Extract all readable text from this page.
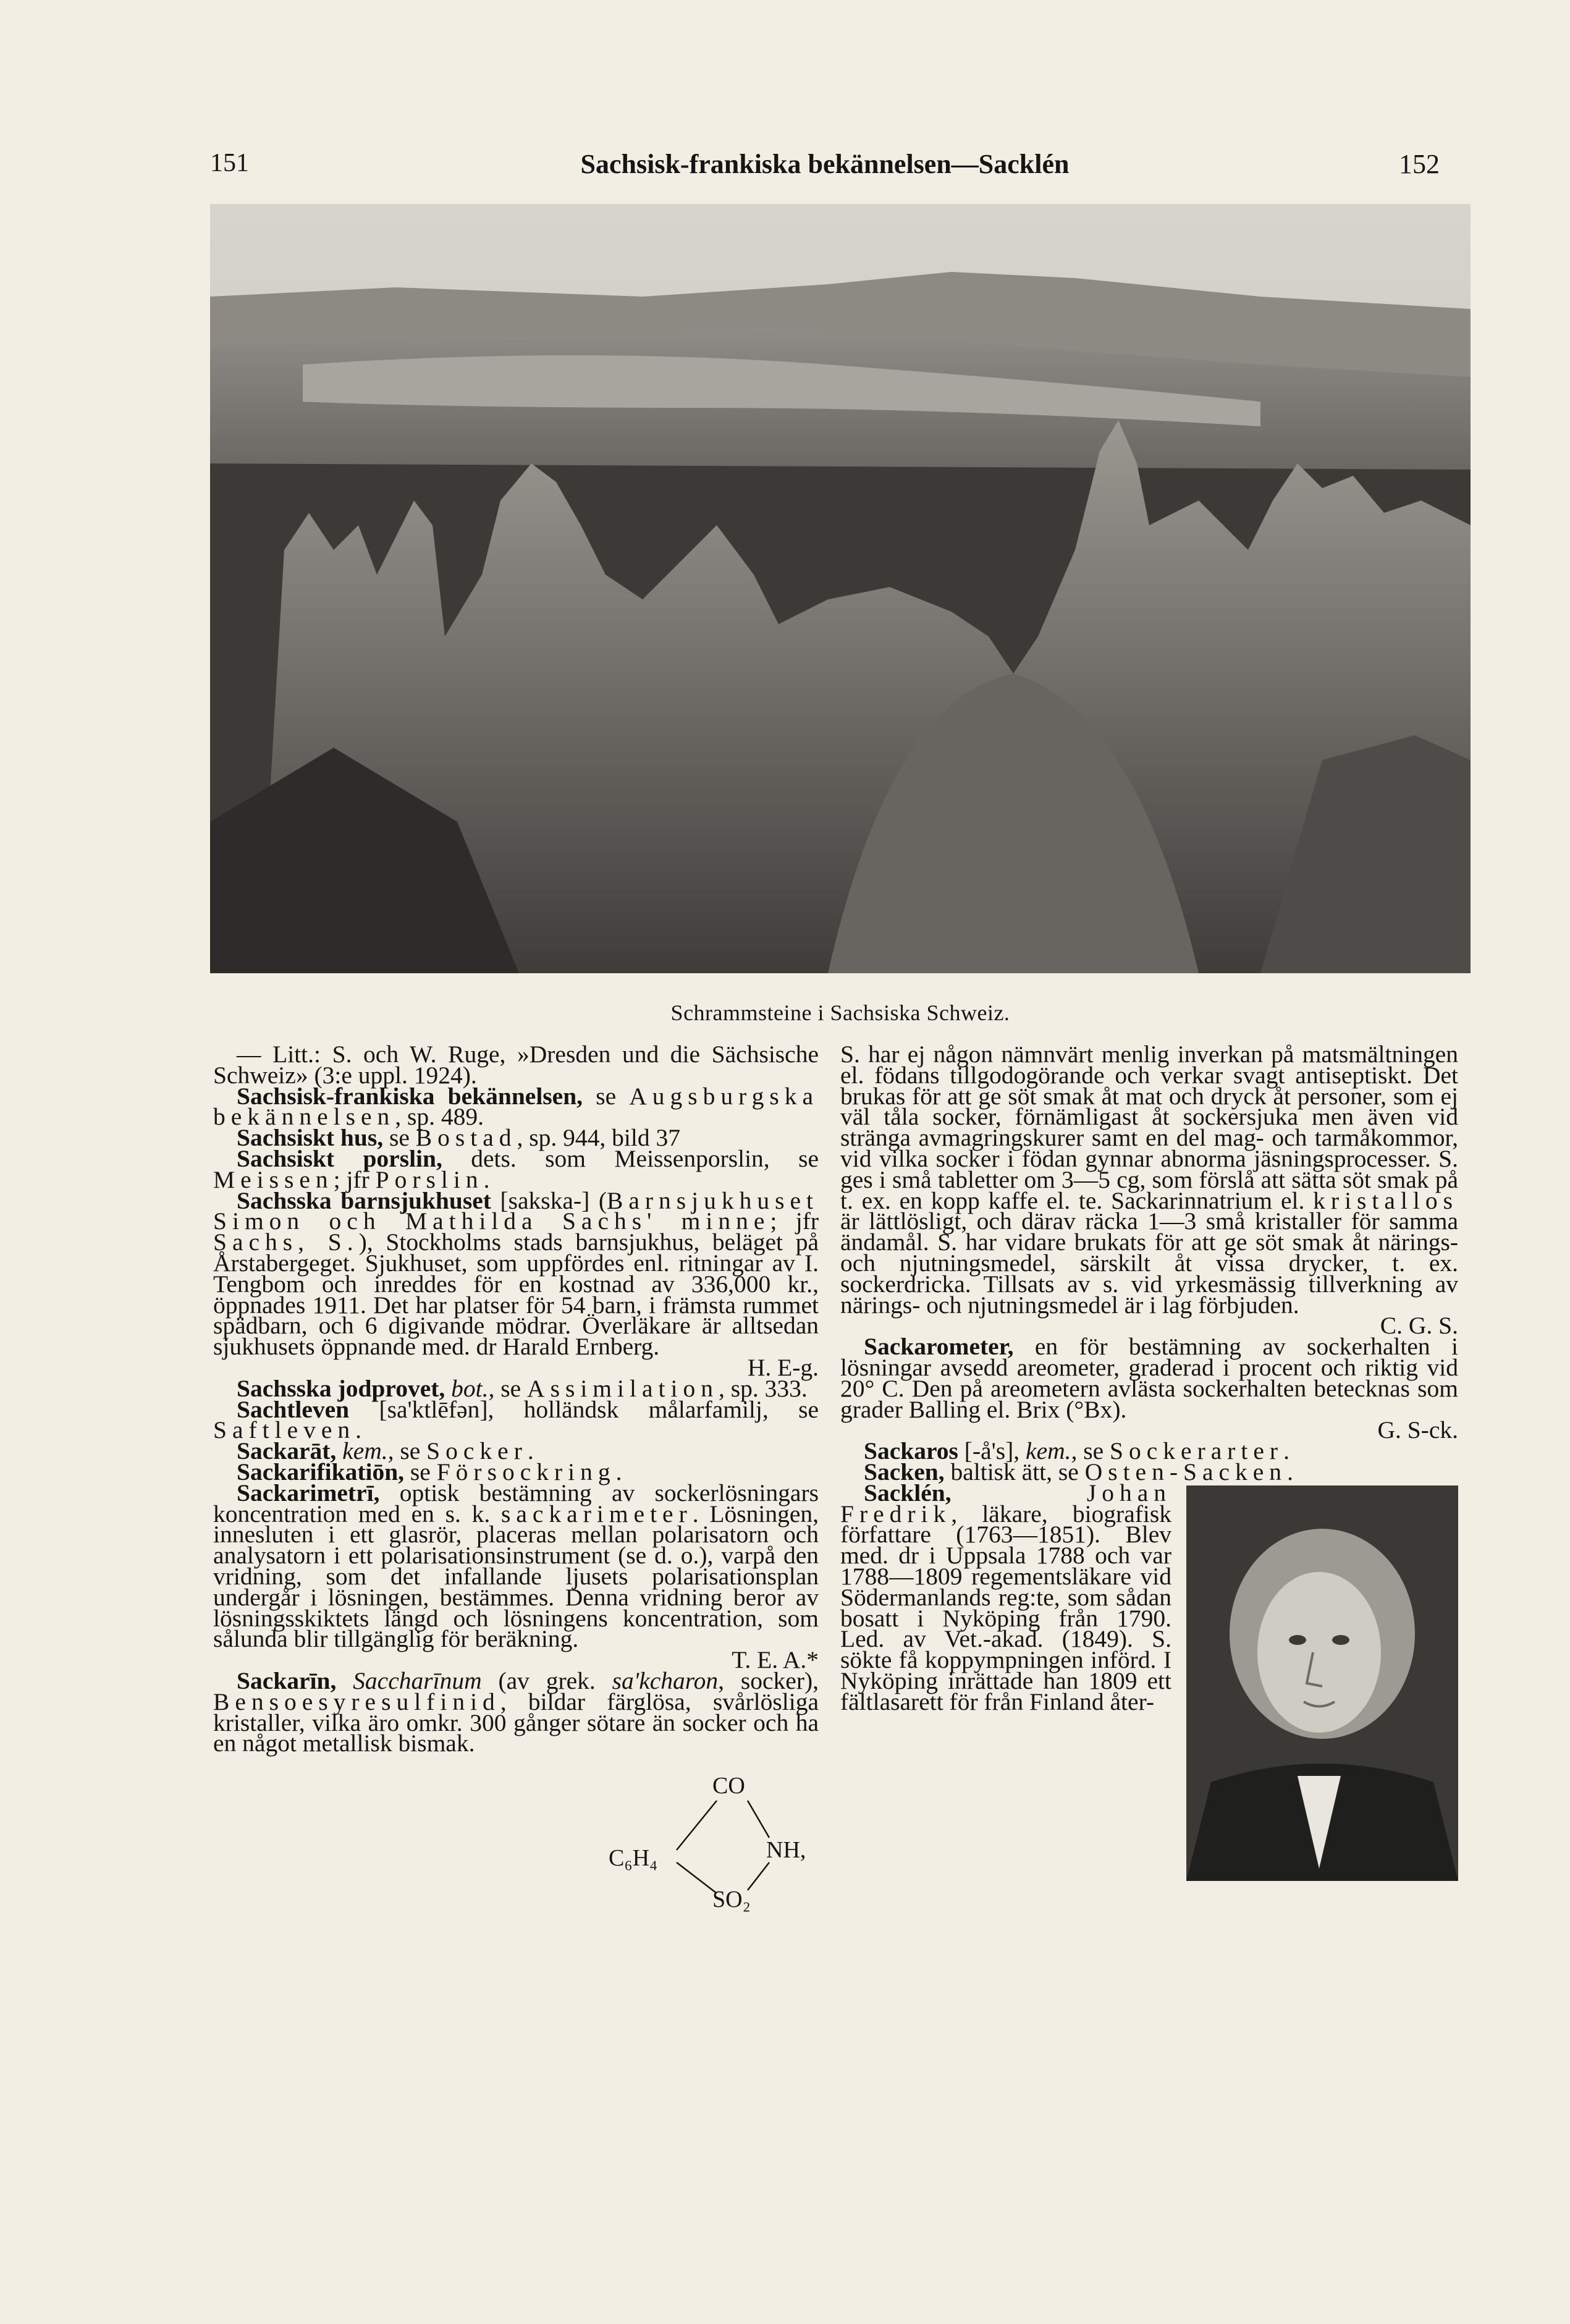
151	Sachsisk-frankiska bekännelsen—Sacklén	152
Schrammsteine i Sachsiska Schweiz.

— Litt.: S. och W. Ruge, »Dresden und die Sächsische Schweiz» (3:e uppl. 1924).

Sachsisk-frankiska bekännelsen, se Augsburgska bekännelsen, sp. 489.

Sachsiskt hus, se Bostad, sp. 944, bild 37

Sachsiskt porslin, dets. som Meissenporslin, se Meissen; jfr Porslin.

Sachsska barnsjukhuset [sakska-] (Barnsjukhuset Simon och Mathilda Sachs' minne; jfr Sachs, S.), Stockholms stads barnsjukhus, beläget på Årstabergeget. Sjukhuset, som uppfördes enl. ritningar av I. Tengbom och inreddes för en kostnad av 336,000 kr., öppnades 1911. Det har platser för 54 barn, i främsta rummet spädbarn, och 6 digivande mödrar. Överläkare är alltsedan sjukhusets öppnande med. dr Harald Ernberg.
H. E-g.

Sachsska jodprovet, bot., se Assimilation, sp. 333.

Sachtleven [sa'ktlēfən], holländsk målarfamilj, se Saftleven.

Sackarāt, kem., se Socker.

Sackarifikatiōn, se Försockring.

Sackarimetrī, optisk bestämning av sockerlösningars koncentration med en s. k. sackarimeter. Lösningen, innesluten i ett glasrör, placeras mellan polarisatorn och analysatorn i ett polarisationsinstrument (se d. o.), varpå den vridning, som det infallande ljusets polarisationsplan undergår i lösningen, bestämmes. Denna vridning beror av lösningsskiktets längd och lösningens koncentration, som sålunda blir tillgänglig för beräkning.
T. E. A.*

C₆H₄
CO
NH,
SO₂

Sackarīn, Saccharīnum (av grek. sa'kcharon, socker), Bensoesyresulfinid, bildar färglösa, svårlösliga kristaller, vilka äro omkr. 300 gånger sötare än socker och ha en något metallisk bismak.

S. har ej någon nämnvärt menlig inverkan på matsmältningen el. födans tillgodogörande och verkar svagt antiseptiskt. Det brukas för att ge söt smak åt mat och dryck åt personer, som ej väl tåla socker, förnämligast åt sockersjuka men även vid stränga avmagringskurer samt en del mag- och tarmåkommor, vid vilka socker i födan gynnar abnorma jäsningsprocesser. S. ges i små tabletter om 3—5 cg, som förslå att sätta söt smak på t. ex. en kopp kaffe el. te. Sackarinnatrium el. kristallos är lättlösligt, och därav räcka 1—3 små kristaller för samma ändamål. S. har vidare brukats för att ge söt smak åt närings- och njutningsmedel, särskilt åt vissa drycker, t. ex. sockerdricka. Tillsats av s. vid yrkesmässig tillverkning av närings- och njutningsmedel är i lag förbjuden.
C. G. S.

Sackarometer, en för bestämning av sockerhalten i lösningar avsedd areometer, graderad i procent och riktig vid 20° C. Den på areometern avlästa sockerhalten betecknas som grader Balling el. Brix (°Bx).
G. S-ck.

Sackaros [-å's], kem., se Sockerarter.

Sacken, baltisk ätt, se Osten-Sacken.

Sacklén, Johan Fredrik, läkare, biografisk författare (1763—1851). Blev med. dr i Uppsala 1788 och var 1788—1809 regementsläkare vid Södermanlands reg:te, som sådan bosatt i Nyköping från 1790. Led. av Vet.-akad. (1849). S. sökte få koppympningen införd. I Nyköping inrättade han 1809 ett fältlasarett för från Finland åter-
